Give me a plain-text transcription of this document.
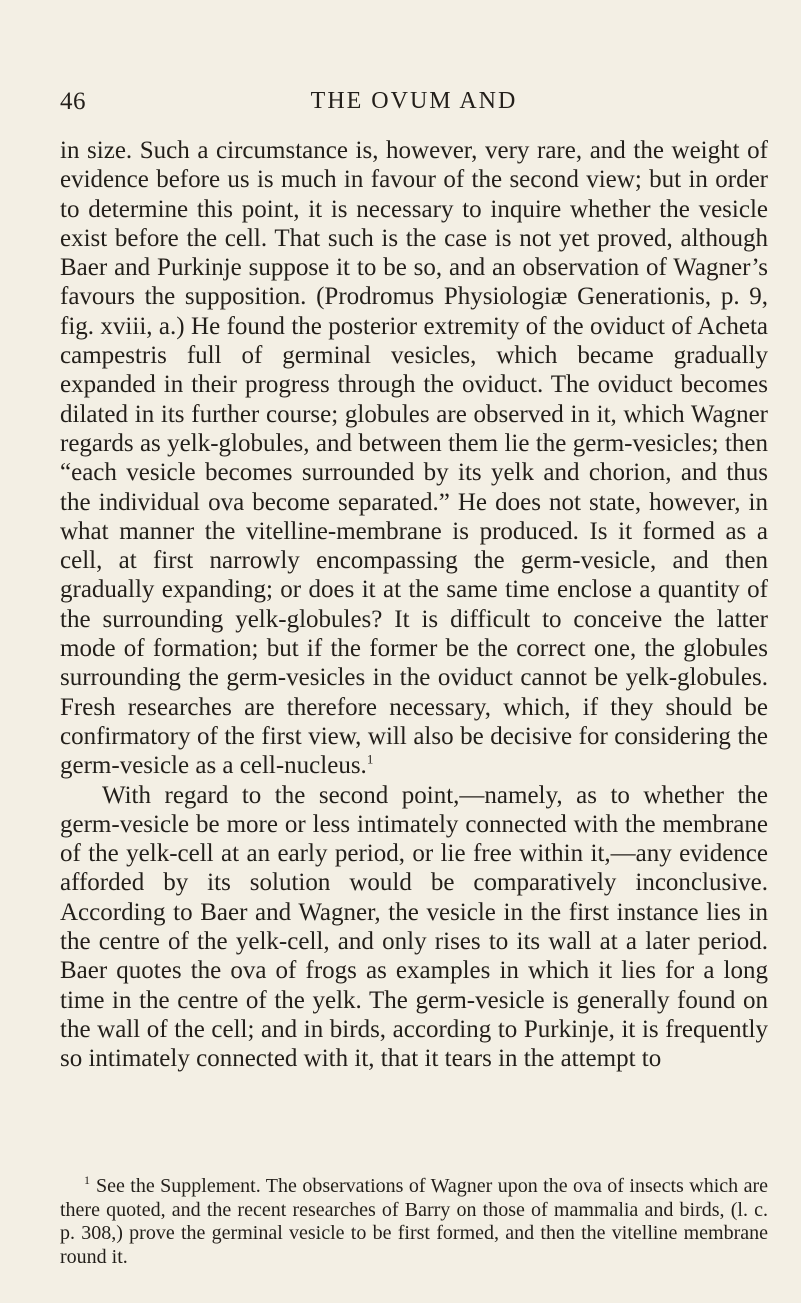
46	THE OVUM AND

in size. Such a circumstance is, however, very rare, and the weight of evidence before us is much in favour of the second view; but in order to determine this point, it is necessary to inquire whether the vesicle exist before the cell. That such is the case is not yet proved, although Baer and Purkinje suppose it to be so, and an observation of Wagner’s favours the supposition. (Prodromus Physiologiæ Generationis, p. 9, fig. xviii, a.) He found the posterior extremity of the oviduct of Acheta campestris full of germinal vesicles, which became gradually expanded in their progress through the oviduct. The oviduct becomes dilated in its further course; globules are observed in it, which Wagner regards as yelk-globules, and between them lie the germ-vesicles; then “each vesicle becomes surrounded by its yelk and chorion, and thus the individual ova become separated.” He does not state, however, in what manner the vitelline-membrane is produced. Is it formed as a cell, at first narrowly encompassing the germ-vesicle, and then gradually expanding; or does it at the same time enclose a quantity of the surrounding yelk-globules? It is difficult to conceive the latter mode of formation; but if the former be the correct one, the globules surrounding the germ-vesicles in the oviduct cannot be yelk-globules. Fresh researches are therefore necessary, which, if they should be confirmatory of the first view, will also be decisive for considering the germ-vesicle as a cell-nucleus.$^1$

With regard to the second point,—namely, as to whether the germ-vesicle be more or less intimately connected with the membrane of the yelk-cell at an early period, or lie free within it,—any evidence afforded by its solution would be comparatively inconclusive. According to Baer and Wagner, the vesicle in the first instance lies in the centre of the yelk-cell, and only rises to its wall at a later period. Baer quotes the ova of frogs as examples in which it lies for a long time in the centre of the yelk. The germ-vesicle is generally found on the wall of the cell; and in birds, according to Purkinje, it is frequently so intimately connected with it, that it tears in the attempt to

$^1$ See the Supplement. The observations of Wagner upon the ova of insects which are there quoted, and the recent researches of Barry on those of mammalia and birds, (l. c. p. 308,) prove the germinal vesicle to be first formed, and then the vitelline membrane round it.
